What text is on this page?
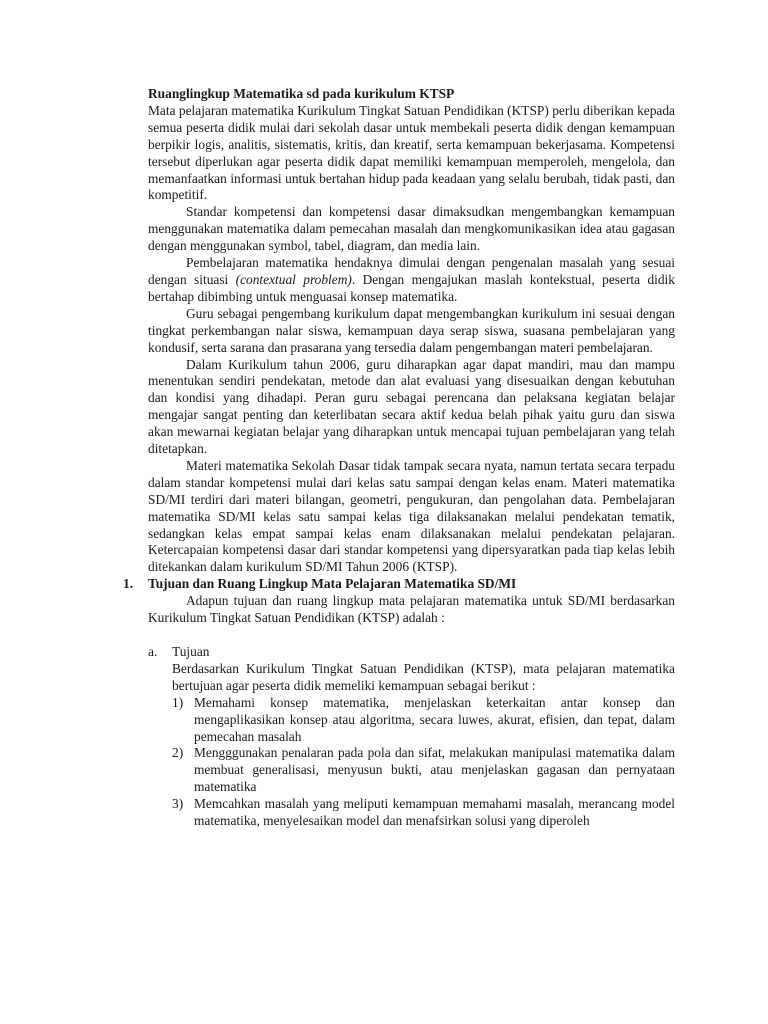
Ruanglingkup Matematika sd pada kurikulum KTSP

Mata pelajaran matematika Kurikulum Tingkat Satuan Pendidikan (KTSP) perlu diberikan kepada semua peserta didik mulai dari sekolah dasar untuk membekali peserta didik dengan kemampuan berpikir logis, analitis, sistematis, kritis, dan kreatif, serta kemampuan bekerjasama. Kompetensi tersebut diperlukan agar peserta didik dapat memiliki kemampuan memperoleh, mengelola, dan memanfaatkan informasi untuk bertahan hidup pada keadaan yang selalu berubah, tidak pasti, dan kompetitif.

Standar kompetensi dan kompetensi dasar dimaksudkan mengembangkan kemampuan menggunakan matematika dalam pemecahan masalah dan mengkomunikasikan idea atau gagasan dengan menggunakan symbol, tabel, diagram, dan media lain.

Pembelajaran matematika hendaknya dimulai dengan pengenalan masalah yang sesuai dengan situasi (contextual problem). Dengan mengajukan maslah kontekstual, peserta didik bertahap dibimbing untuk menguasai konsep matematika.

Guru sebagai pengembang kurikulum dapat mengembangkan kurikulum ini sesuai dengan tingkat perkembangan nalar siswa, kemampuan daya serap siswa, suasana pembelajaran yang kondusif, serta sarana dan prasarana yang tersedia dalam pengembangan materi pembelajaran.

Dalam Kurikulum tahun 2006, guru diharapkan agar dapat mandiri, mau dan mampu menentukan sendiri pendekatan, metode dan alat evaluasi yang disesuaikan dengan kebutuhan dan kondisi yang dihadapi. Peran guru sebagai perencana dan pelaksana kegiatan belajar mengajar sangat penting dan keterlibatan secara aktif kedua belah pihak yaitu guru dan siswa akan mewarnai kegiatan belajar yang diharapkan untuk mencapai tujuan pembelajaran yang telah ditetapkan.

Materi matematika Sekolah Dasar tidak tampak secara nyata, namun tertata secara terpadu dalam standar kompetensi mulai dari kelas satu sampai dengan kelas enam. Materi matematika SD/MI terdiri dari materi bilangan, geometri, pengukuran, dan pengolahan data. Pembelajaran matematika SD/MI kelas satu sampai kelas tiga dilaksanakan melalui pendekatan tematik, sedangkan kelas empat sampai kelas enam dilaksanakan melalui pendekatan pelajaran. Ketercapaian kompetensi dasar dari standar kompetensi yang dipersyaratkan pada tiap kelas lebih ditekankan dalam kurikulum SD/MI Tahun 2006 (KTSP).

1. Tujuan dan Ruang Lingkup Mata Pelajaran Matematika SD/MI

Adapun tujuan dan ruang lingkup mata pelajaran matematika untuk SD/MI berdasarkan Kurikulum Tingkat Satuan Pendidikan (KTSP) adalah :

a. Tujuan

Berdasarkan Kurikulum Tingkat Satuan Pendidikan (KTSP), mata pelajaran matematika bertujuan agar peserta didik memeliki kemampuan sebagai berikut :

1) Memahami konsep matematika, menjelaskan keterkaitan antar konsep dan mengaplikasikan konsep atau algoritma, secara luwes, akurat, efisien, dan tepat, dalam pemecahan masalah
2) Mengggunakan penalaran pada pola dan sifat, melakukan manipulasi matematika dalam membuat generalisasi, menyusun bukti, atau menjelaskan gagasan dan pernyataan matematika
3) Memcahkan masalah yang meliputi kemampuan memahami masalah, merancang model matematika, menyelesaikan model dan menafsirkan solusi yang diperoleh
